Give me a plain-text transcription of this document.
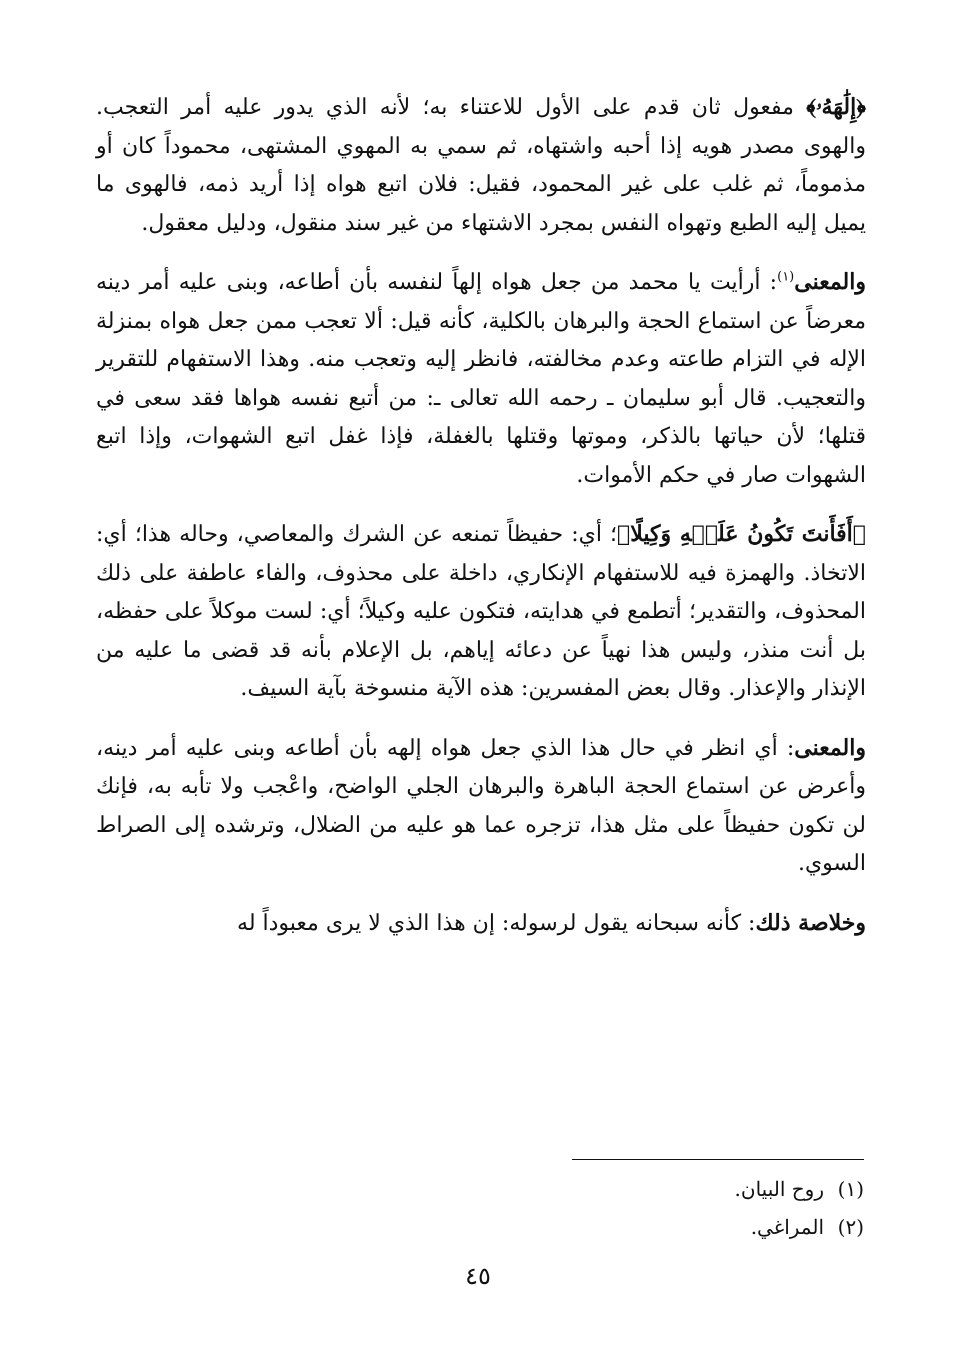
﴿إِلَٰهَهُۥ﴾ مفعول ثان قدم على الأول للاعتناء به؛ لأنه الذي يدور عليه أمر التعجب. والهوى مصدر هويه إذا أحبه واشتهاه، ثم سمي به المهوي المشتهى، محموداً كان أو مذموماً، ثم غلب على غير المحمود، فقيل: فلان اتبع هواه إذا أريد ذمه، فالهوى ما يميل إليه الطبع وتهواه النفس بمجرد الاشتهاء من غير سند منقول، ودليل معقول.

والمعنى$^{(١)}$: أرأيت يا محمد من جعل هواه إلهاً لنفسه بأن أطاعه، وبنى عليه أمر دينه معرضاً عن استماع الحجة والبرهان بالكلية، كأنه قيل: ألا تعجب ممن جعل هواه بمنزلة الإله في التزام طاعته وعدم مخالفته، فانظر إليه وتعجب منه. وهذا الاستفهام للتقرير والتعجيب. قال أبو سليمان ـ رحمه الله تعالى ـ: من أتبع نفسه هواها فقد سعى في قتلها؛ لأن حياتها بالذكر، وموتها وقتلها بالغفلة، فإذا غفل اتبع الشهوات، وإذا اتبع الشهوات صار في حكم الأموات.

﴿أَفَأَنتَ تَكُونُ عَلَيۡهِ وَكِيلًا﴾؛ أي: حفيظاً تمنعه عن الشرك والمعاصي، وحاله هذا؛ أي: الاتخاذ. والهمزة فيه للاستفهام الإنكاري، داخلة على محذوف، والفاء عاطفة على ذلك المحذوف، والتقدير؛ أتطمع في هدايته، فتكون عليه وكيلاً؛ أي: لست موكلاً على حفظه، بل أنت منذر، وليس هذا نهياً عن دعائه إياهم، بل الإعلام بأنه قد قضى ما عليه من الإنذار والإعذار. وقال بعض المفسرين: هذه الآية منسوخة بآية السيف.

والمعنى: أي انظر في حال هذا الذي جعل هواه إلهه بأن أطاعه وبنى عليه أمر دينه، وأعرض عن استماع الحجة الباهرة والبرهان الجلي الواضح، واعْجب ولا تأبه به، فإنك لن تكون حفيظاً على مثل هذا، تزجره عما هو عليه من الضلال، وترشده إلى الصراط السوي.

وخلاصة ذلك: كأنه سبحانه يقول لرسوله: إن هذا الذي لا يرى معبوداً له

(١)روح البيان.
(٢)المراغي.
٤٥
